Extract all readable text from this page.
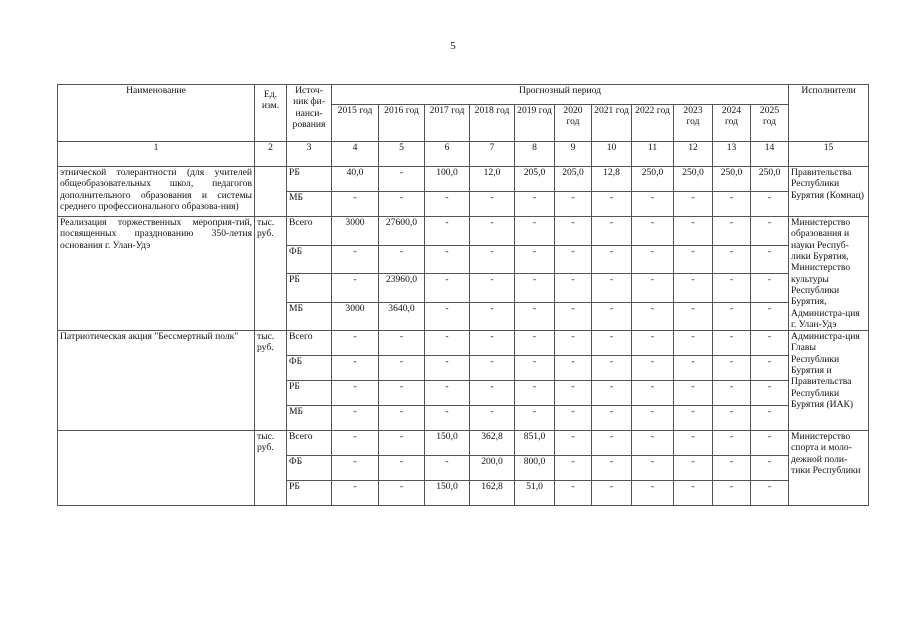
5
Наименование	Ед. изм.	Источ-ник фи-нанси-рования	Прогнозный период											Исполнители
			2015 год	2016 год	2017 год	2018 год	2019 год	2020 год	2021 год	2022 год	2023 год	2024 год	2025 год	
1	2	3	4	5	6	7	8	9	10	11	12	13	14	15
этнической толерантности (для учителей общеобразовательных школ, педагогов дополнительного образования и системы среднего профессионального образова-ния)		РБ	40,0	-	100,0	12,0	205,0	205,0	12,8	250,0	250,0	250,0	250,0	Правительства Республики Бурятия (Комнац)
		МБ	-	-	-	-	-	-	-	-	-	-	-	
Реализация торжественных мероприя-тий, посвященных празднованию 350-летия основания г. Улан-Удэ	тыс. руб.	Всего	3000	27600,0	-	-	-	-	-	-	-	-	-	Министерство образования и науки Респуб-лики Бурятия, Министерство культуры Республики Бурятия, Администра-ция г. Улан-Удэ
		ФБ	-	-	-	-	-	-	-	-	-	-	-	
		РБ	-	23960,0	-	-	-	-	-	-	-	-	-	
		МБ	3000	3640,0	-	-	-	-	-	-	-	-	-	
Патриотическая акция "Бессмертный полк"	тыс. руб.	Всего	-	-	-	-	-	-	-	-	-	-	-	Администра-ция Главы Республики Бурятия и Правительства Республики Бурятия (ИАК)
		ФБ	-	-	-	-	-	-	-	-	-	-	-	
		РБ	-	-	-	-	-	-	-	-	-	-	-	
		МБ	-	-	-	-	-	-	-	-	-	-	-	
	тыс. руб.	Всего	-	-	150,0	362,8	851,0	-	-	-	-	-	-	Министерство спорта и моло-дежной поли-тики Республики
		ФБ	-	-	-	200,0	800,0	-	-	-	-	-	-	
		РБ	-	-	150,0	162,8	51,0	-	-	-	-	-	-	
